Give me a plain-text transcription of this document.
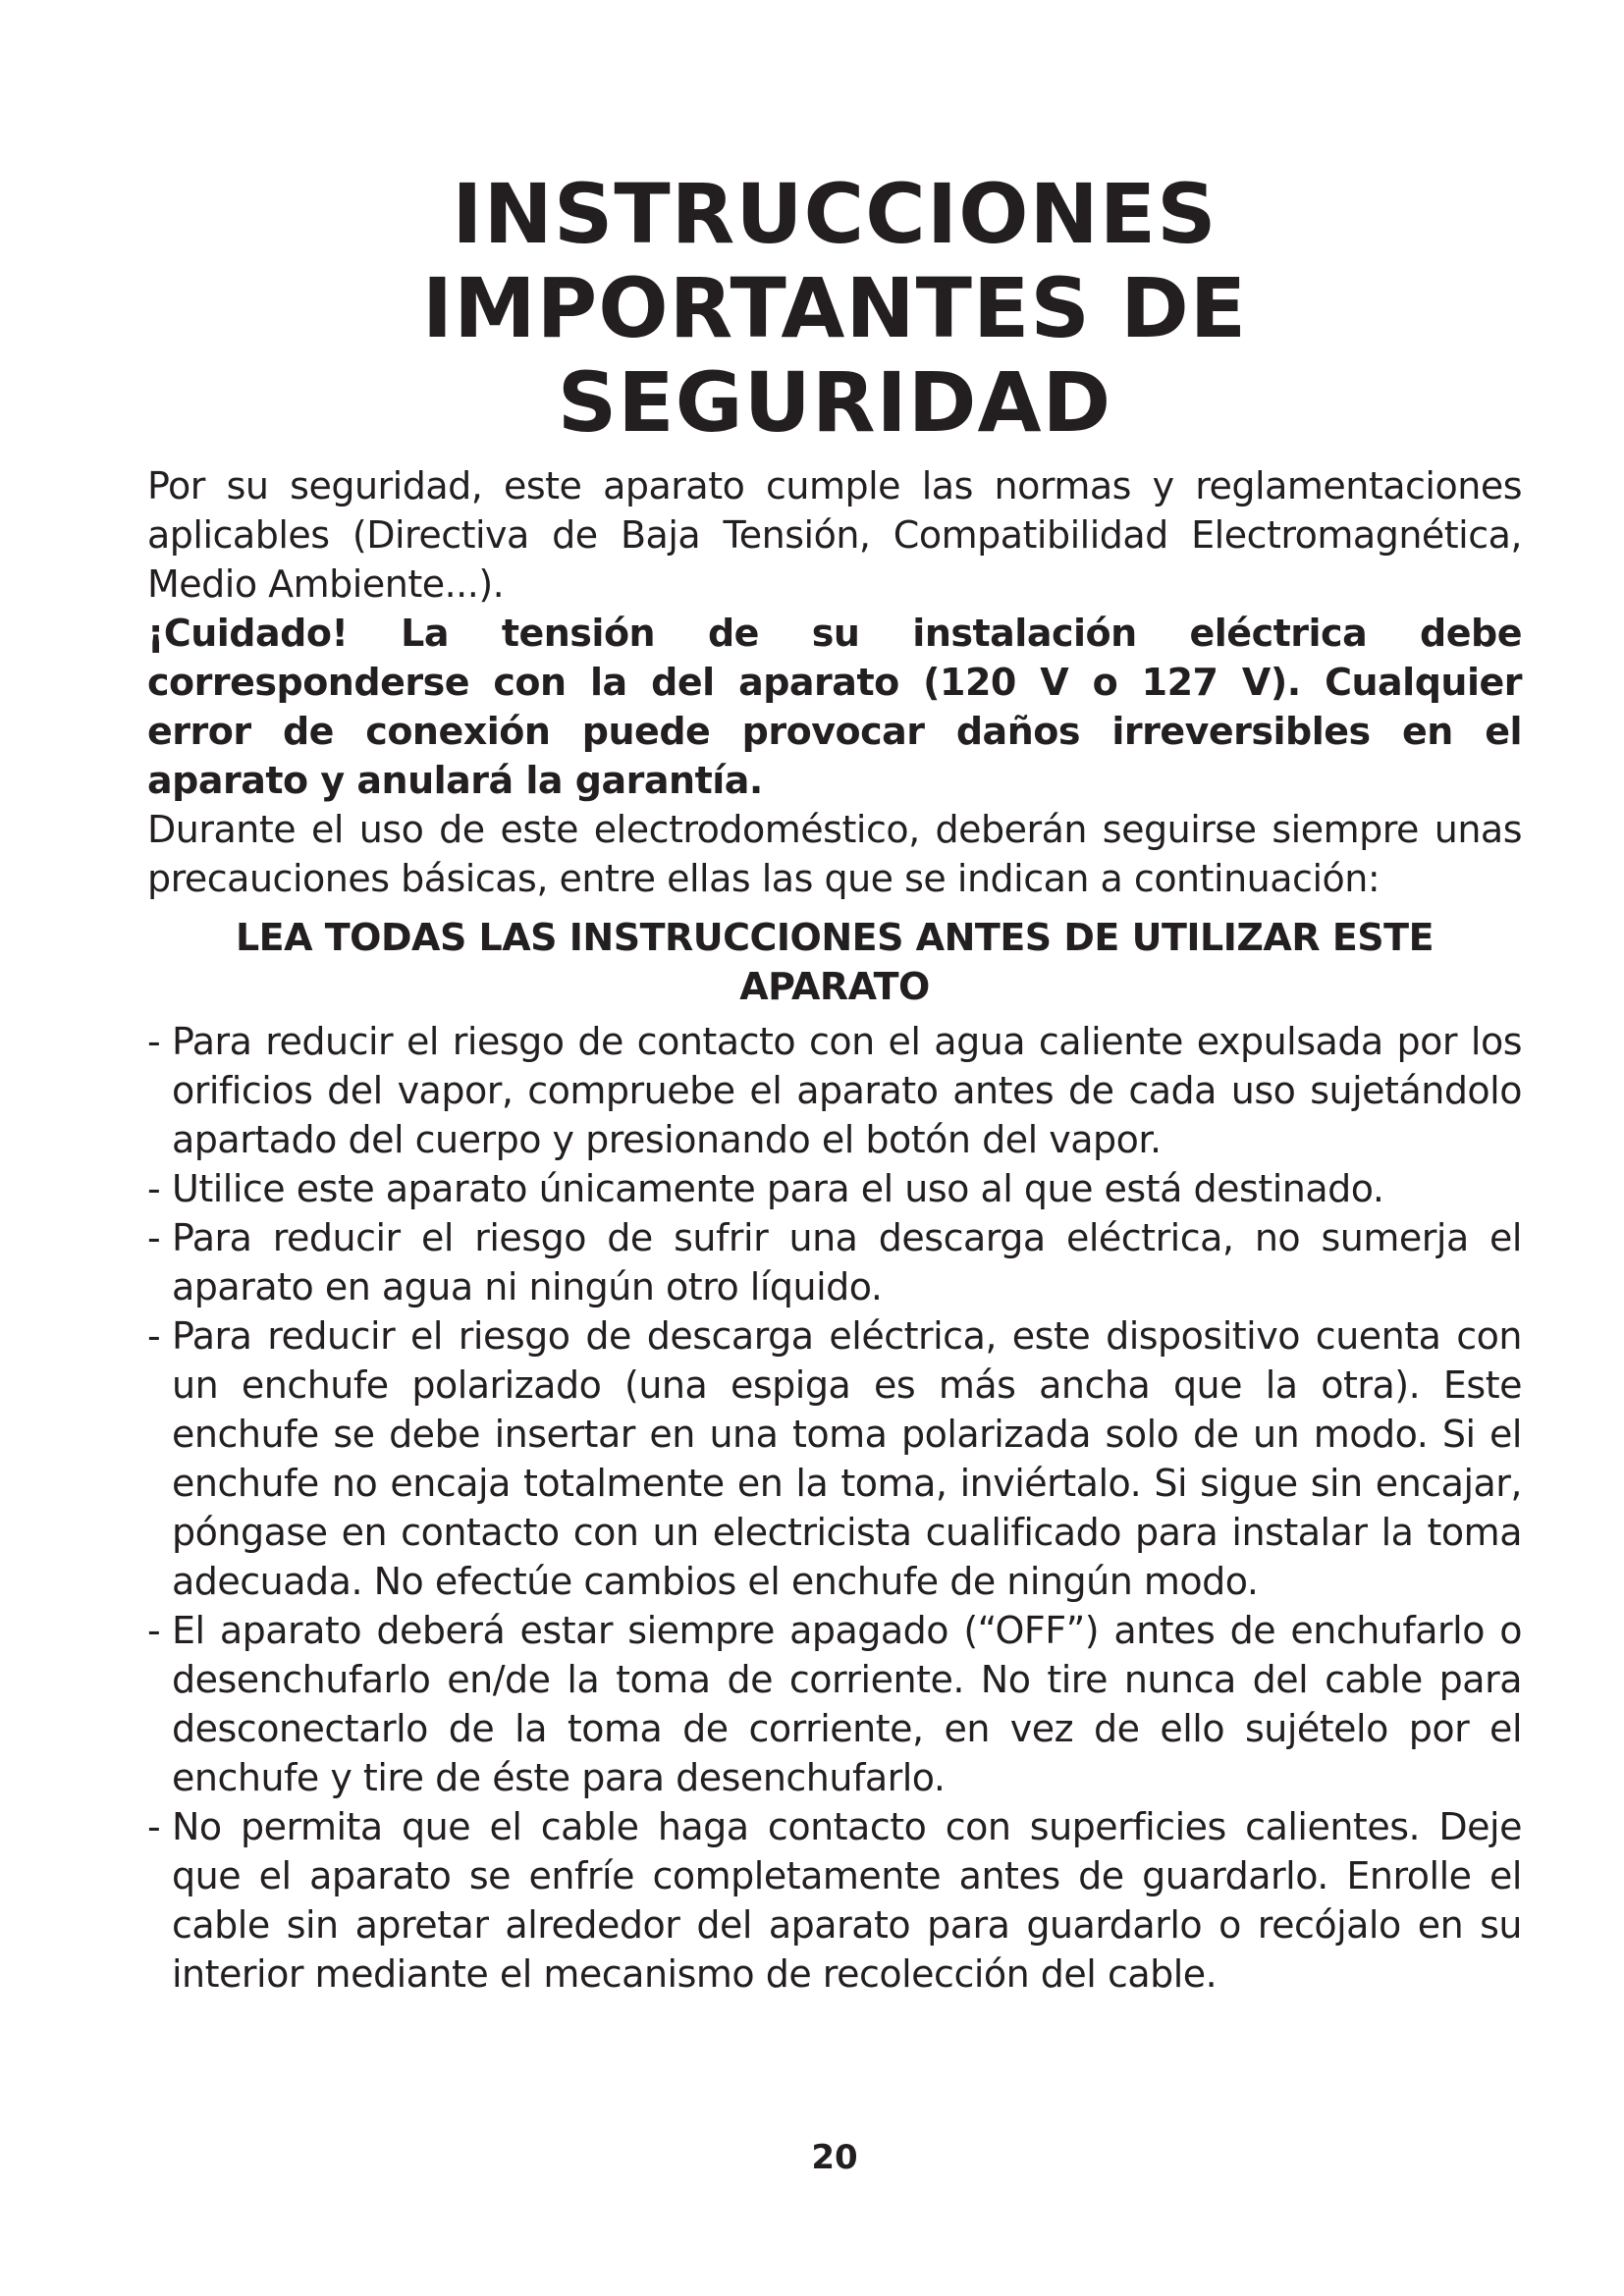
INSTRUCCIONES
IMPORTANTES DE
SEGURIDAD

Por su seguridad, este aparato cumple las normas y reglamentaciones aplicables (Directiva de Baja Tensión, Compatibilidad Electromagnética, Medio Ambiente...).

¡Cuidado! La tensión de su instalación eléctrica debe corresponderse con la del aparato (120 V o 127 V). Cualquier error de conexión puede provocar daños irreversibles en el aparato y anulará la garantía.

Durante el uso de este electrodoméstico, deberán seguirse siempre unas precauciones básicas, entre ellas las que se indican a continuación:

LEA TODAS LAS INSTRUCCIONES ANTES DE UTILIZAR ESTE
APARATO
- Para reducir el riesgo de contacto con el agua caliente expulsada por los orificios del vapor, compruebe el aparato antes de cada uso sujetándolo apartado del cuerpo y presionando el botón del vapor.
- Utilice este aparato únicamente para el uso al que está destinado.
- Para reducir el riesgo de sufrir una descarga eléctrica, no sumerja el aparato en agua ni ningún otro líquido.
- Para reducir el riesgo de descarga eléctrica, este dispositivo cuenta con un enchufe polarizado (una espiga es más ancha que la otra). Este enchufe se debe insertar en una toma polarizada solo de un modo. Si el enchufe no encaja totalmente en la toma, inviértalo. Si sigue sin encajar, póngase en contacto con un electricista cualificado para instalar la toma adecuada. No efectúe cambios el enchufe de ningún modo.
- El aparato deberá estar siempre apagado (“OFF”) antes de enchufarlo o desenchufarlo en/de la toma de corriente. No tire nunca del cable para desconectarlo de la toma de corriente, en vez de ello sujételo por el enchufe y tire de éste para desenchufarlo.
- No permita que el cable haga contacto con superficies calientes. Deje que el aparato se enfríe completamente antes de guardarlo. Enrolle el cable sin apretar alrededor del aparato para guardarlo o recójalo en su interior mediante el mecanismo de recolección del cable.
20
